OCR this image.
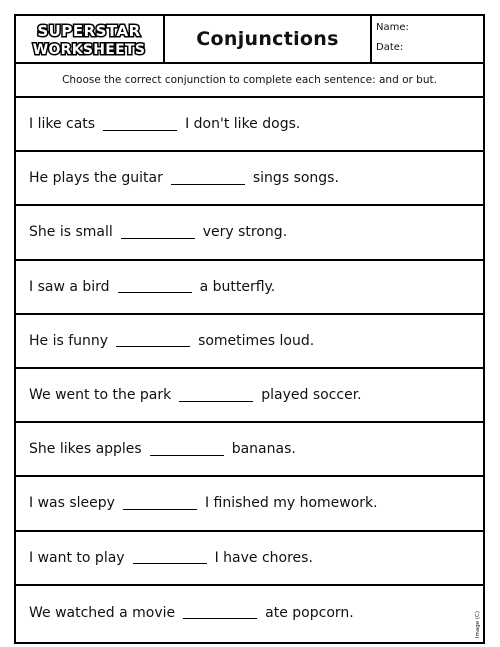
SUPERSTAR
WORKSHEETS	Conjunctions
Name:
Date:
Choose the correct conjunction to complete each sentence: and or but.
I like cats	I don't like dogs.
He plays the guitar	sings songs.
She is small	very strong.
I saw a bird	a butterfly.
He is funny	sometimes loud.
We went to the park	played soccer.
She likes apples	bananas.
I was sleepy	I finished my homework.
I want to play	I have chores.
We watched a movie	ate popcorn.	Image (C)
